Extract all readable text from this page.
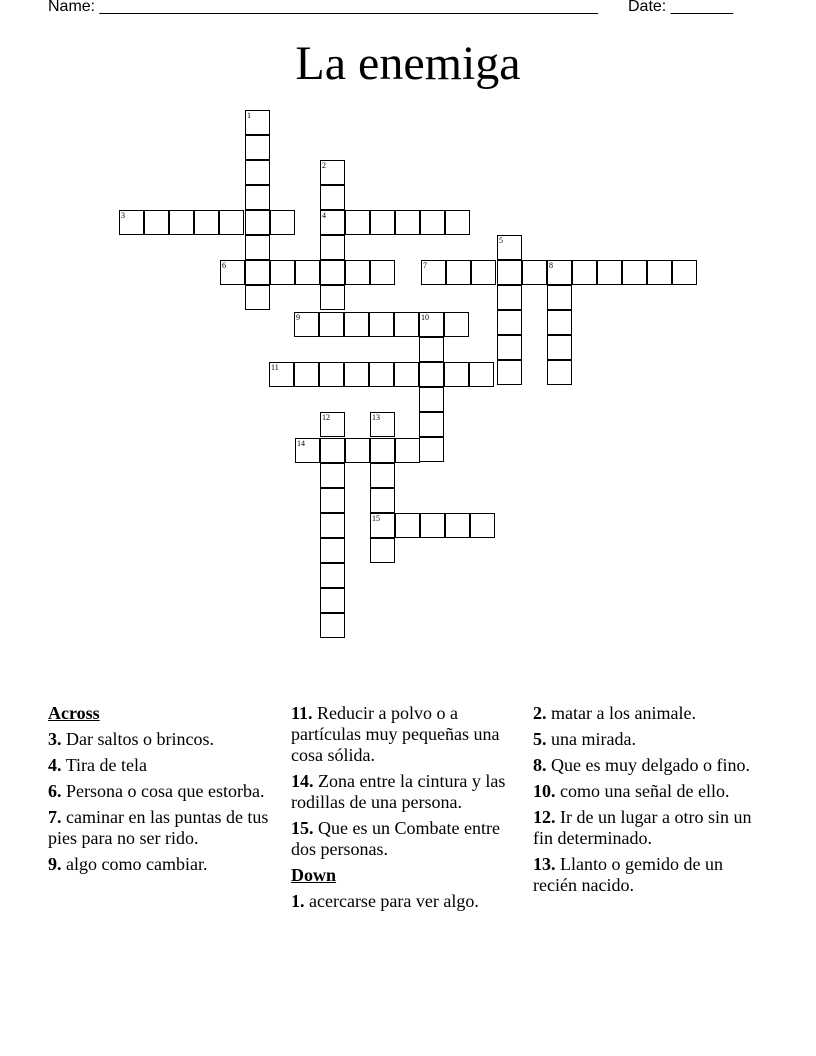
Name: ________________________________________________________ Date: _______
La enemiga
1
3
2
4
6
5
7	8
9	10
11
12	13
14
15
Across
3. Dar saltos o brincos.
4. Tira de tela
6. Persona o cosa que estorba.
7. caminar en las puntas de tus pies para no ser rido.
9. algo como cambiar.
11. Reducir a polvo o a partículas muy pequeñas una cosa sólida.
14. Zona entre la cintura y las rodillas de una persona.
15. Que es un Combate entre dos personas.
Down
1. acercarse para ver algo.
2. matar a los animale.
5. una mirada.
8. Que es muy delgado o fino.
10. como una señal de ello.
12. Ir de un lugar a otro sin un fin determinado.
13. Llanto o gemido de un recién nacido.
